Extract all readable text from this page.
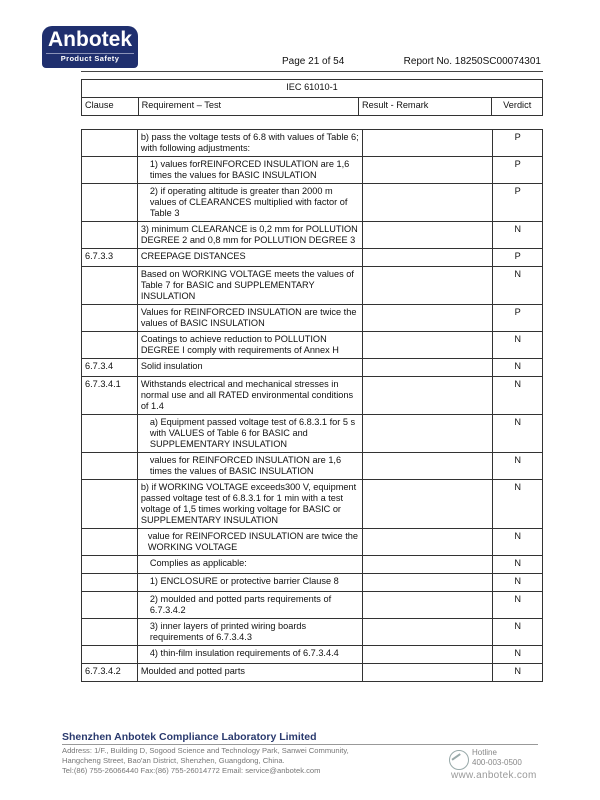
Anbotek
Product Safety	Page 21 of 54	Report No. 18250SC00074301
IEC 61010-1
Clause	Requirement – Test	Result - Remark	Verdict
	b) pass the voltage tests of 6.8 with values of Table 6; with following adjustments:		P
	1) values forREINFORCED INSULATION are 1,6 times the values for BASIC INSULATION		P
	2) if operating altitude is greater than 2000 m values of CLEARANCES multiplied with factor of Table 3		P
	3) minimum CLEARANCE is 0,2 mm for POLLUTION DEGREE 2 and 0,8 mm for POLLUTION DEGREE 3		N
6.7.3.3	CREEPAGE DISTANCES		P
	Based on WORKING VOLTAGE meets the values of Table 7 for BASIC and SUPPLEMENTARY INSULATION		N
	Values for REINFORCED INSULATION are twice the values of BASIC INSULATION		P
	Coatings to achieve reduction to POLLUTION DEGREE I comply with requirements of Annex H		N
6.7.3.4	Solid insulation		N
6.7.3.4.1	Withstands electrical and mechanical stresses in normal use and all RATED environmental conditions of 1.4		N
	a) Equipment passed voltage test of 6.8.3.1 for 5 s with VALUES of Table 6 for BASIC and SUPPLEMENTARY INSULATION		N
	values for REINFORCED INSULATION are 1,6 times the values of BASIC INSULATION		N
	b) if WORKING VOLTAGE exceeds300 V, equipment passed voltage test of 6.8.3.1 for 1 min with a test voltage of 1,5 times working voltage for BASIC or SUPPLEMENTARY INSULATION		N
	value for REINFORCED INSULATION are twice the WORKING VOLTAGE		N
	Complies as applicable:		N
	1) ENCLOSURE or protective barrier Clause 8		N
	2) moulded and potted parts requirements of 6.7.3.4.2		N
	3) inner layers of printed wiring boards requirements of 6.7.3.4.3		N
	4) thin-film insulation requirements of 6.7.3.4.4		N
6.7.3.4.2	Moulded and potted parts		N
Shenzhen Anbotek Compliance Laboratory Limited
Address: 1/F., Building D, Sogood Science and Technology Park, Sanwei Community,
Hangcheng Street, Bao'an District, Shenzhen, Guangdong, China.
Tel:(86) 755-26066440 Fax:(86) 755-26014772 Email: service@anbotek.com
Hotline
400-003-0500
www.anbotek.com
